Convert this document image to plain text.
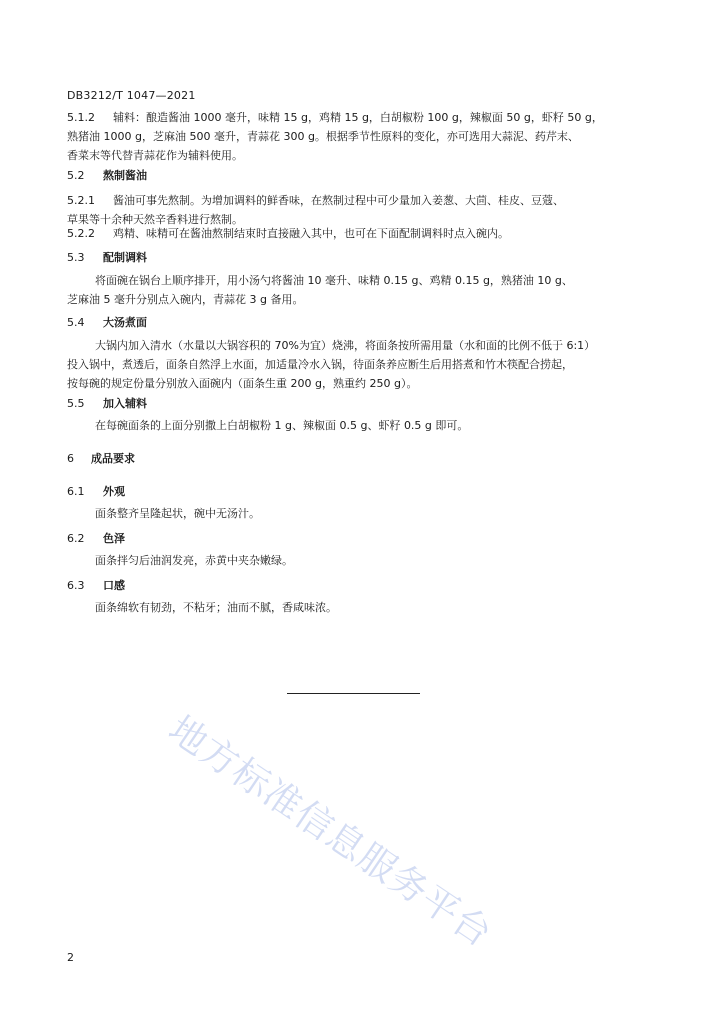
DB3212/T 1047—2021
5.1.2 辅料：酿造酱油 1000 毫升，味精 15 g，鸡精 15 g，白胡椒粉 100 g，辣椒面 50 g，虾籽 50 g，
熟猪油 1000 g，芝麻油 500 毫升，青蒜花 300 g。根据季节性原料的变化，亦可选用大蒜泥、药芹末、
香菜末等代替青蒜花作为辅料使用。
5.2 熬制酱油
5.2.1 酱油可事先熬制。为增加调料的鲜香味，在熬制过程中可少量加入姜葱、大茴、桂皮、豆蔻、
草果等十余种天然辛香料进行熬制。
5.2.2 鸡精、味精可在酱油熬制结束时直接融入其中，也可在下面配制调料时点入碗内。
5.3 配制调料
将面碗在锅台上顺序排开，用小汤勺将酱油 10 毫升、味精 0.15 g、鸡精 0.15 g，熟猪油 10 g、
芝麻油 5 毫升分别点入碗内，青蒜花 3 g 备用。
5.4 大汤煮面
大锅内加入清水（水量以大锅容积的 70%为宜）烧沸，将面条按所需用量（水和面的比例不低于 6:1）
投入锅中，煮透后，面条自然浮上水面，加适量冷水入锅，待面条养应断生后用搭煮和竹木筷配合捞起，
按每碗的规定份量分别放入面碗内（面条生重 200 g，熟重约 250 g）。
5.5 加入辅料
在每碗面条的上面分别撒上白胡椒粉 1 g、辣椒面 0.5 g、虾籽 0.5 g 即可。
6 成品要求
6.1 外观
面条整齐呈隆起状，碗中无汤汁。
6.2 色泽
面条拌匀后油润发亮，赤黄中夹杂嫩绿。
6.3 口感
面条绵软有韧劲，不粘牙；油而不腻，香咸味浓。
地方标准信息服务平台
2
